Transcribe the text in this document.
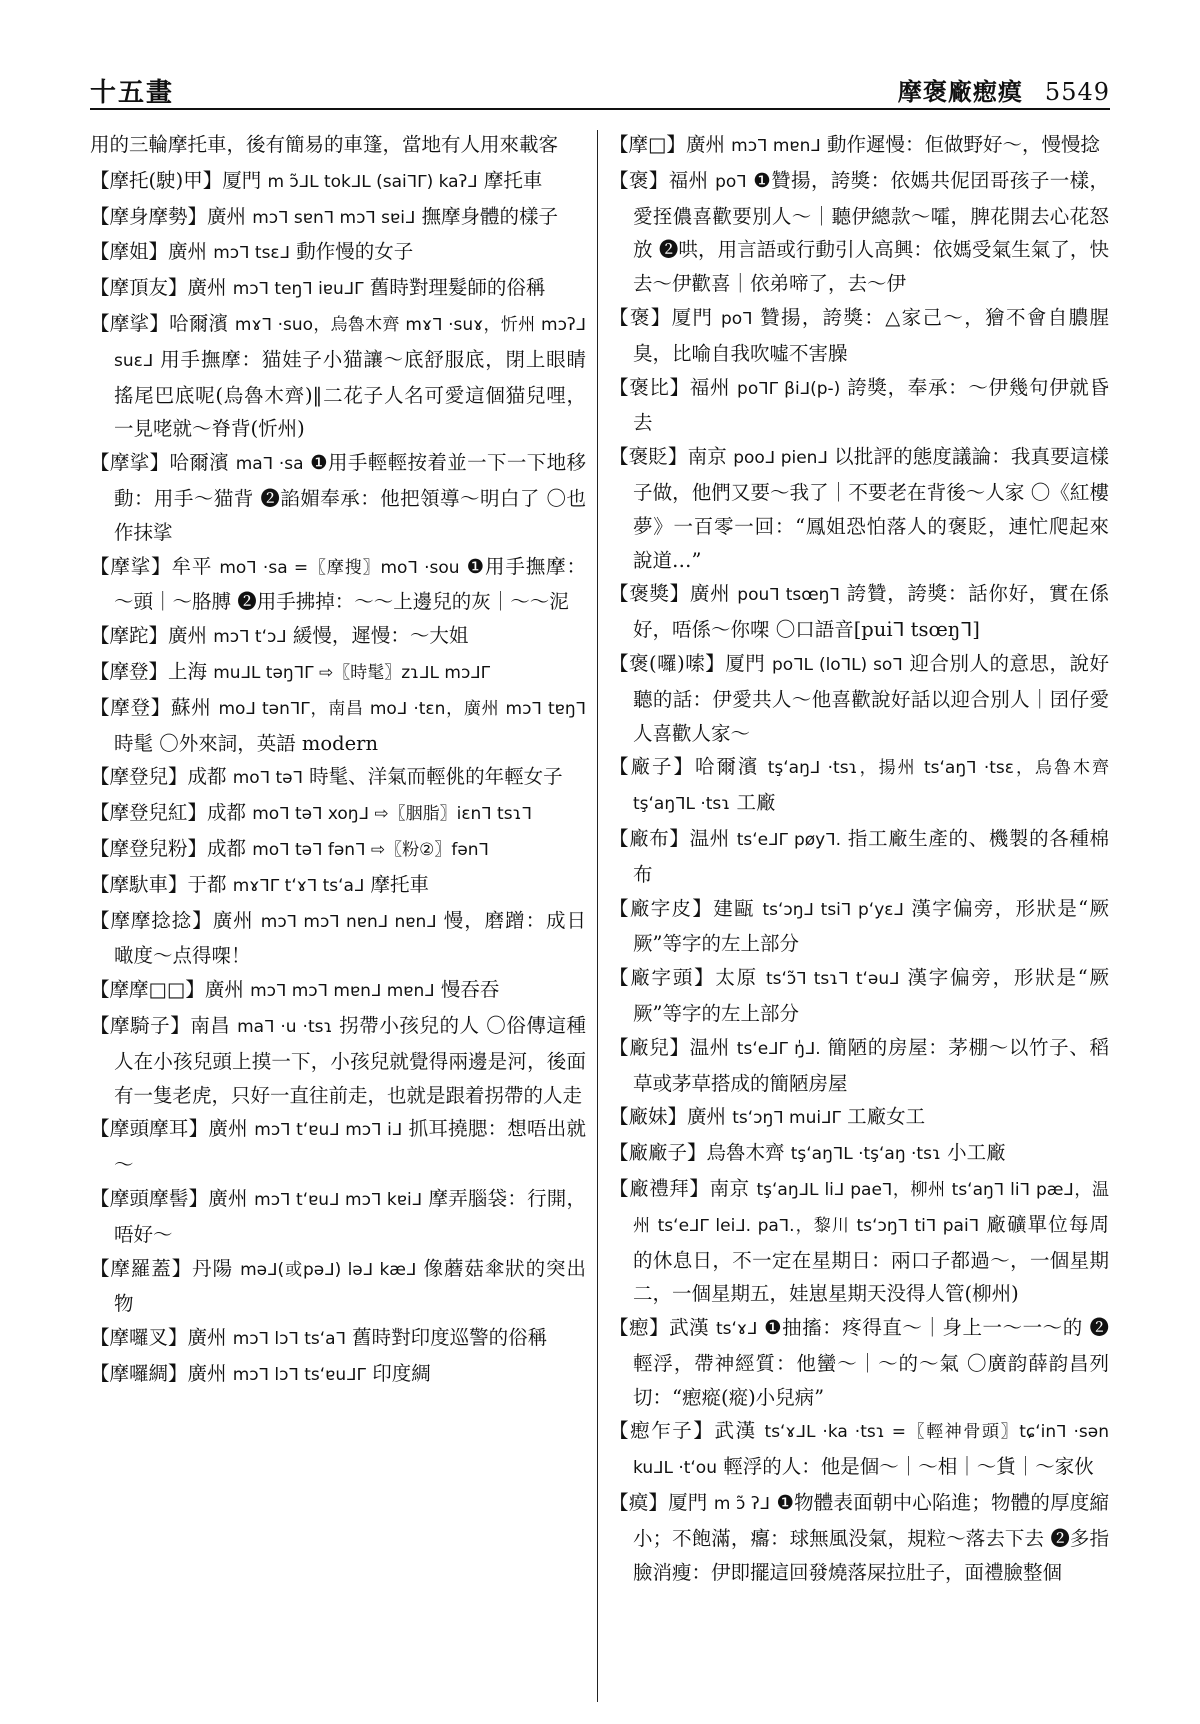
十五畫	摩褒廠瘛瘼 5549

用的三輪摩托車，後有簡易的車篷，當地有人用來載客

【摩托(駛)甲】厦門 m ɔ̃ᒧᒪ tokᒧᒪ (saiᒣᒥ) kaʔᒧ 摩托車

【摩身摩勢】廣州 mɔᒣ sɐnᒣ mɔᒣ sɐiᒧ 撫摩身體的樣子

【摩姐】廣州 mɔᒣ tsɛᒧ 動作慢的女子

【摩頂友】廣州 mɔᒣ teŋᒣ iɐuᒧᒥ 舊時對理髮師的俗稱

【摩挲】哈爾濱 mɤᒣ ·suo，烏魯木齊 mɤᒣ ·suɤ，忻州 mɔʔᒧ suɛᒧ 用手撫摩：猫娃子小猫讓～底舒服底，閉上眼睛搖尾巴底呢(烏魯木齊)‖二花子人名可愛這個猫兒哩，一見咾就～脊背(忻州)

【摩挲】哈爾濱 maᒣ ·sa ❶用手輕輕按着並一下一下地移動：用手～猫背 ❷諂媚奉承：他把領導～明白了 〇也作抹挲

【摩挲】牟平 moᒣ ·sa =〖摩搜〗moᒣ ·sou ❶用手撫摩：～頭｜～胳膊 ❷用手拂掉：～～上邊兒的灰｜～～泥

【摩跎】廣州 mɔᒣ tʻɔᒧ 緩慢，遲慢：～大姐

【摩登】上海 muᒧᒪ təŋᒣᒥ ⇨〖時髦〗zɿᒧᒪ mɔᒧᒥ

【摩登】蘇州 moᒧ tənᒣᒥ，南昌 moᒧ ·tɛn，廣州 mɔᒣ tɐŋᒣ 時髦 〇外來詞，英語 modern

【摩登兒】成都 moᒣ təᒣ 時髦、洋氣而輕佻的年輕女子

【摩登兒紅】成都 moᒣ təᒣ xoŋᒧ ⇨〖胭脂〗iɛnᒣ tsɿᒣ

【摩登兒粉】成都 moᒣ təᒣ fənᒣ ⇨〖粉②〗fənᒣ

【摩馱車】于都 mɤᒣᒥ tʻɤᒣ tsʻaᒧ 摩托車

【摩摩捻捻】廣州 mɔᒣ mɔᒣ nɐnᒧ nɐnᒧ 慢，磨蹭：成日噉度～点得㗎！

【摩摩□□】廣州 mɔᒣ mɔᒣ mɐnᒧ mɐnᒧ 慢吞吞

【摩騎子】南昌 maᒣ ·u ·tsɿ 拐帶小孩兒的人 〇俗傳這種人在小孩兒頭上摸一下，小孩兒就覺得兩邊是河，後面有一隻老虎，只好一直往前走，也就是跟着拐帶的人走

【摩頭摩耳】廣州 mɔᒣ tʻɐuᒧ mɔᒣ iᒧ 抓耳撓腮：想唔出就～

【摩頭摩髻】廣州 mɔᒣ tʻɐuᒧ mɔᒣ kɐiᒧ 摩弄腦袋：行開，唔好～

【摩羅蓋】丹陽 məᒧ(或pəᒧ) ləᒧ kæᒧ 像蘑菇傘狀的突出物

【摩囉叉】廣州 mɔᒣ lɔᒣ tsʻaᒣ 舊時對印度巡警的俗稱

【摩囉綢】廣州 mɔᒣ lɔᒣ tsʻɐuᒧᒥ 印度綢

【摩□】廣州 mɔᒣ mɐnᒧ 動作遲慢：佢做野好～，慢慢捻

【褒】福州 poᒣ ❶贊揚，誇獎：依媽共伲囝哥孩子一樣，愛挃儂喜歡要別人～｜聽伊總款～嚯，脾花開去心花怒放 ❷哄，用言語或行動引人高興：依媽受氣生氣了，快去～伊歡喜｜依弟啼了，去～伊

【褒】厦門 poᒣ 贊揚，誇獎：△家己～，獪不會自膿腥臭，比喻自我吹噓不害臊

【褒比】福州 poᒣᒥ βiᒧ(p-) 誇獎，奉承：～伊幾句伊就昏去

【褒貶】南京 pooᒧ pienᒧ 以批評的態度議論：我真要這樣子做，他們又要～我了｜不要老在背後～人家 〇《紅樓夢》一百零一回：“鳳姐恐怕落人的褒貶，連忙爬起來說道…”

【褒獎】廣州 pouᒣ tsœŋᒣ 誇贊，誇獎：話你好，實在係好，唔係～你㗎 〇口語音[puiᒣ tsœŋᒣ]

【褒(囉)嗦】厦門 poᒣᒪ (loᒣᒪ) soᒣ 迎合別人的意思，說好聽的話：伊愛共人～他喜歡說好話以迎合別人｜囝仔愛人喜歡人家～

【廠子】哈爾濱 tşʻaŋᒧ ·tsɿ，揚州 tsʻaŋᒣ ·tsɛ，烏魯木齊 tşʻaŋᒣᒪ ·tsɿ 工廠

【廠布】温州 tsʻeᒧᒥ pøyᒣ. 指工廠生產的、機製的各種棉布

【廠字皮】建甌 tsʻɔŋᒧ tsiᒣ pʻyɛᒧ 漢字偏旁，形狀是“厥厥”等字的左上部分

【廠字頭】太原 tsʻɔ̃ᒣ tsɿᒣ tʻəuᒧ 漢字偏旁，形狀是“厥厥”等字的左上部分

【廠兒】温州 tsʻeᒧᒥ ŋ̍ᒧ. 簡陋的房屋：茅棚～以竹子、稻草或茅草搭成的簡陋房屋

【廠妹】廣州 tsʻɔŋᒣ muiᒧᒥ 工廠女工

【廠廠子】烏魯木齊 tşʻaŋᒣᒪ ·tşʻaŋ ·tsɿ 小工廠

【廠禮拜】南京 tşʻaŋᒧᒪ liᒧ paeᒣ，柳州 tsʻaŋᒣ liᒣ pæᒧ，温州 tsʻeᒧᒥ leiᒧ. paᒣ.，黎川 tsʻɔŋᒣ tiᒣ paiᒣ 廠礦單位每周的休息日，不一定在星期日：兩口子都過～，一個星期二，一個星期五，娃崽星期天没得人管(柳州)

【瘛】武漢 tsʻɤᒧ ❶抽搐：疼得直～｜身上一～一～的 ❷輕浮，帶神經質：他蠻～｜～的～氣 〇廣韵薛韵昌列切：“瘛瘲(瘲)小兒病”

【瘛乍子】武漢 tsʻɤᒧᒪ ·ka ·tsɿ =〖輕神骨頭〗tɕʻinᒣ ·sən kuᒧᒪ ·tʻou 輕浮的人：他是個～｜～相｜～貨｜～家伙

【瘼】厦門 m ɔ̃ ʔᒧ ❶物體表面朝中心陷進；物體的厚度縮小；不飽滿，癟：球無風没氣，規粒～落去下去 ❷多指臉消瘦：伊即擺這回發燒落屎拉肚子，面禮臉整個
